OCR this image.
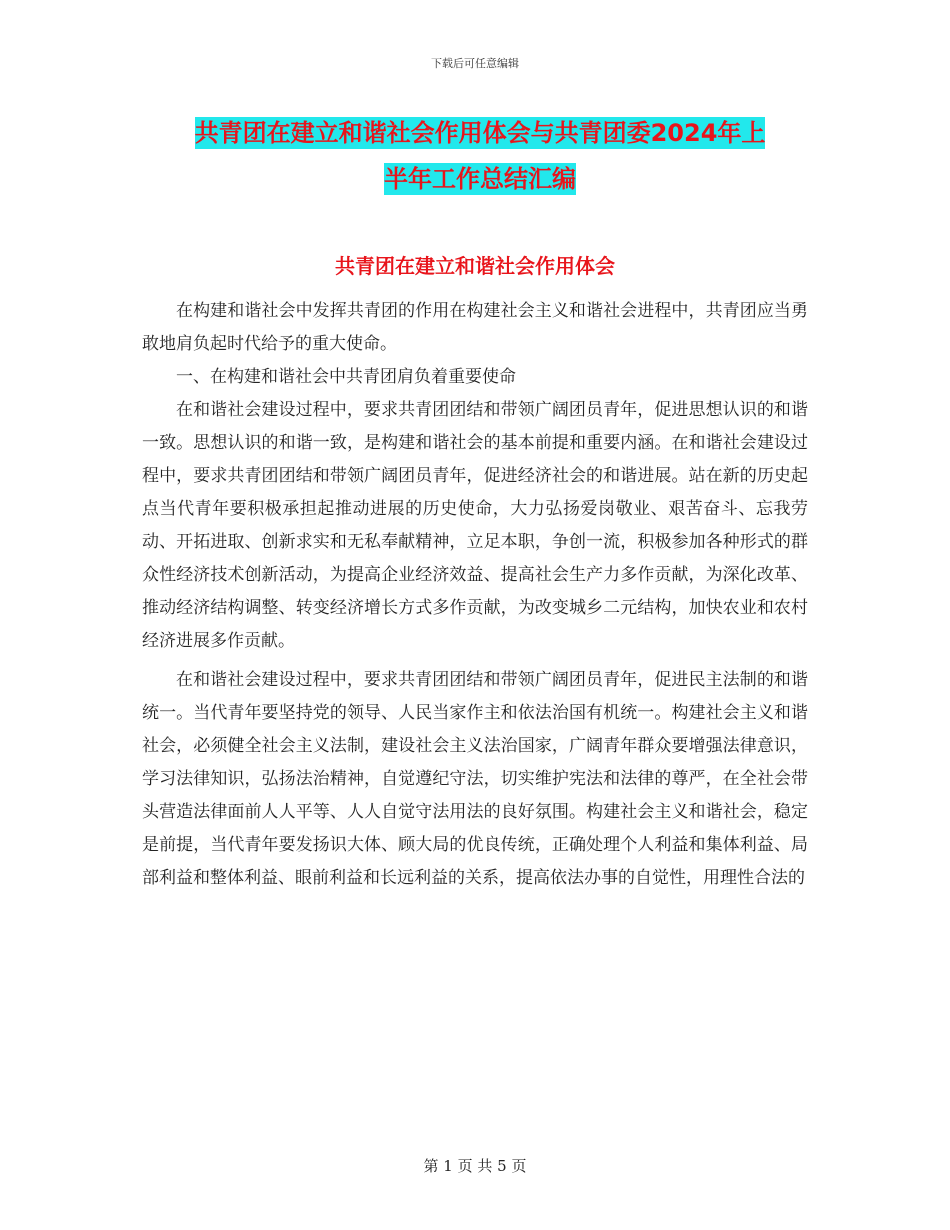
下载后可任意编辑
共青团在建立和谐社会作用体会与共青团委2024年上
半年工作总结汇编
共青团在建立和谐社会作用体会

在构建和谐社会中发挥共青团的作用在构建社会主义和谐社会进程中，共青团应当勇敢地肩负起时代给予的重大使命。

一、在构建和谐社会中共青团肩负着重要使命

在和谐社会建设过程中，要求共青团团结和带领广阔团员青年，促进思想认识的和谐一致。思想认识的和谐一致，是构建和谐社会的基本前提和重要内涵。在和谐社会建设过程中，要求共青团团结和带领广阔团员青年，促进经济社会的和谐进展。站在新的历史起点当代青年要积极承担起推动进展的历史使命，大力弘扬爱岗敬业、艰苦奋斗、忘我劳动、开拓进取、创新求实和无私奉献精神，立足本职，争创一流，积极参加各种形式的群众性经济技术创新活动，为提高企业经济效益、提高社会生产力多作贡献，为深化改革、推动经济结构调整、转变经济增长方式多作贡献，为改变城乡二元结构，加快农业和农村经济进展多作贡献。

在和谐社会建设过程中，要求共青团团结和带领广阔团员青年，促进民主法制的和谐统一。当代青年要坚持党的领导、人民当家作主和依法治国有机统一。构建社会主义和谐社会，必须健全社会主义法制，建设社会主义法治国家，广阔青年群众要增强法律意识，学习法律知识，弘扬法治精神，自觉遵纪守法，切实维护宪法和法律的尊严，在全社会带头营造法律面前人人平等、人人自觉守法用法的良好氛围。构建社会主义和谐社会，稳定是前提，当代青年要发扬识大体、顾大局的优良传统，正确处理个人利益和集体利益、局部利益和整体利益、眼前利益和长远利益的关系，提高依法办事的自觉性，用理性合法的

第 1 页 共 5 页
